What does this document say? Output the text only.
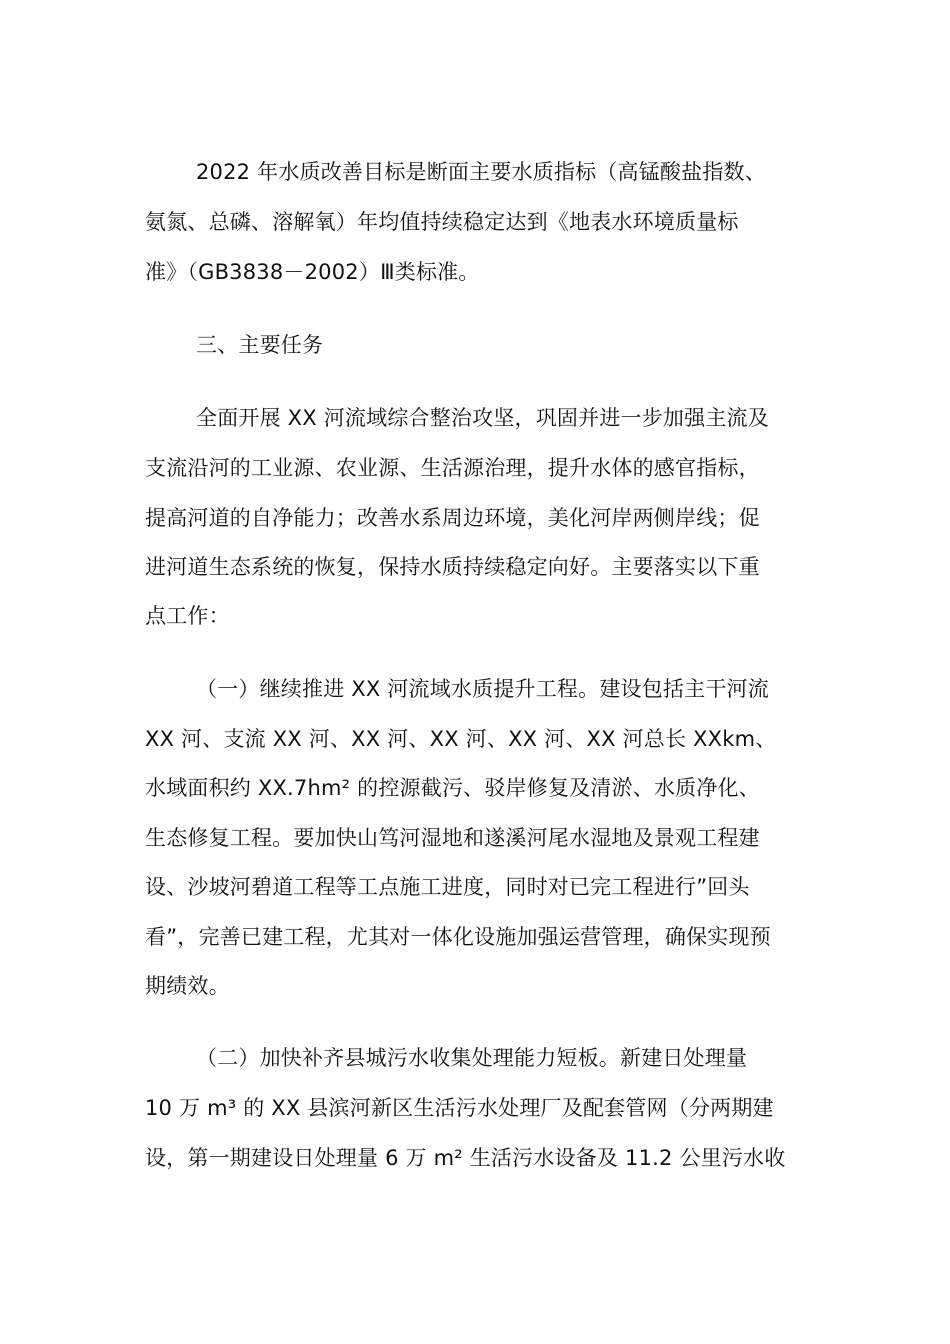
2022 年水质改善目标是断面主要水质指标（高锰酸盐指数、
氨氮、总磷、溶解氧）年均值持续稳定达到《地表水环境质量标
准》（GB3838－2002）Ⅲ类标准。
三、主要任务
全面开展 XX 河流域综合整治攻坚，巩固并进一步加强主流及
支流沿河的工业源、农业源、生活源治理，提升水体的感官指标，
提高河道的自净能力；改善水系周边环境，美化河岸两侧岸线；促
进河道生态系统的恢复，保持水质持续稳定向好。主要落实以下重
点工作：
（一）继续推进 XX 河流域水质提升工程。建设包括主干河流
XX 河、支流 XX 河、XX 河、XX 河、XX 河、XX 河总长 XXkm、
水域面积约 XX.7hm² 的控源截污、驳岸修复及清淤、水质净化、
生态修复工程。要加快山笃河湿地和遂溪河尾水湿地及景观工程建
设、沙坡河碧道工程等工点施工进度，同时对已完工程进行”回头
看”，完善已建工程，尤其对一体化设施加强运营管理，确保实现预
期绩效。
（二）加快补齐县城污水收集处理能力短板。新建日处理量
10 万 m³ 的 XX 县滨河新区生活污水处理厂及配套管网（分两期建
设，第一期建设日处理量 6 万 m² 生活污水设备及 11.2 公里污水收
